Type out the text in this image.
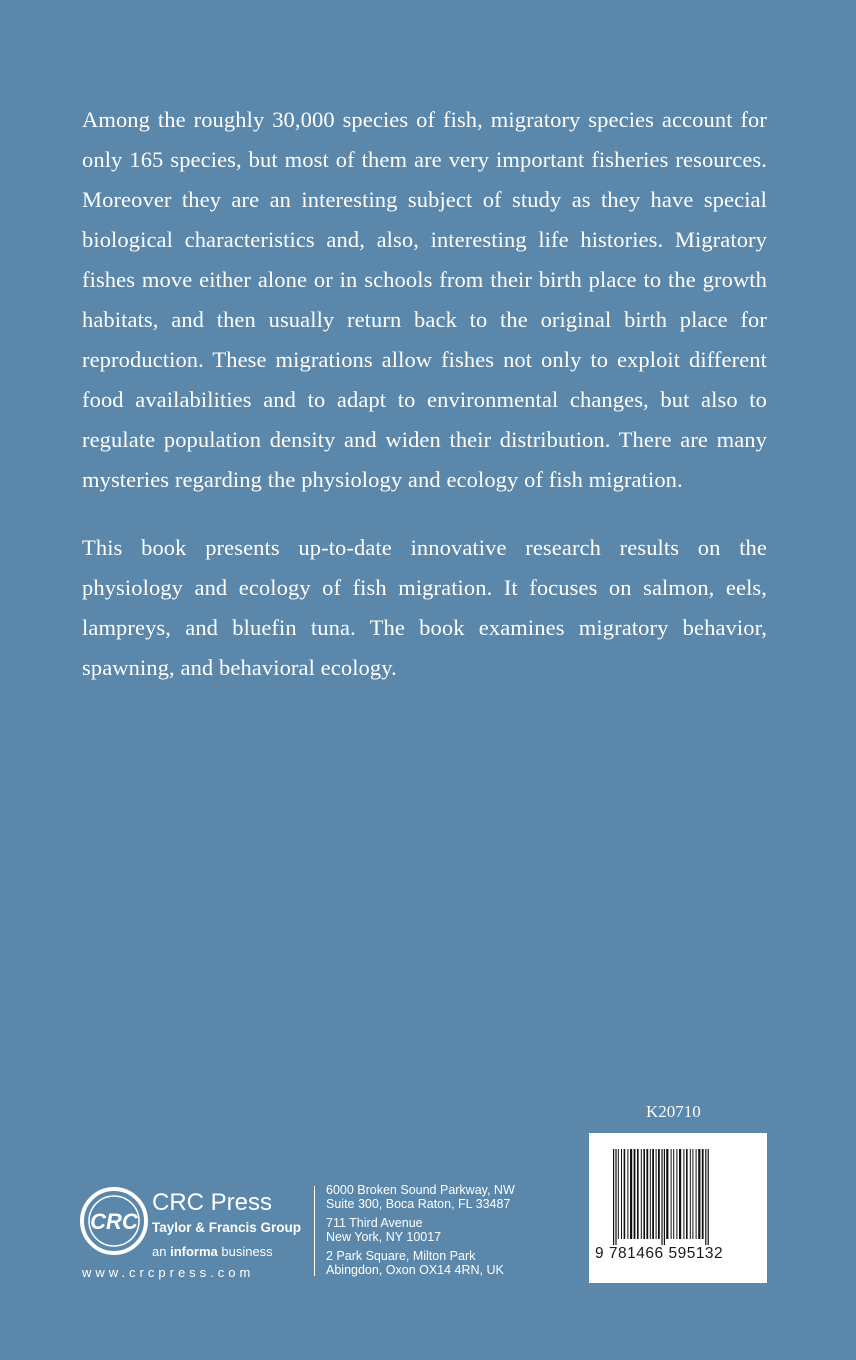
Among the roughly 30,000 species of fish, migratory species account for only 165 species, but most of them are very important fisheries resources. Moreover they are an interesting subject of study as they have special biological characteristics and, also, interesting life histories. Migratory fishes move either alone or in schools from their birth place to the growth habitats, and then usually return back to the original birth place for reproduction. These migrations allow fishes not only to exploit different food availabilities and to adapt to environmental changes, but also to regulate population density and widen their distribution. There are many mysteries regarding the physiology and ecology of fish migration.

This book presents up-to-date innovative research results on the physiology and ecology of fish migration. It focuses on salmon, eels, lampreys, and bluefin tuna. The book examines migratory behavior, spawning, and behavioral ecology.

K20710
9 781466 595132
CRC
CRC Press
Taylor & Francis Group
an informa business
www.crcpress.com
6000 Broken Sound Parkway, NW
Suite 300, Boca Raton, FL 33487
711 Third Avenue
New York, NY 10017
2 Park Square, Milton Park
Abingdon, Oxon OX14 4RN, UK
